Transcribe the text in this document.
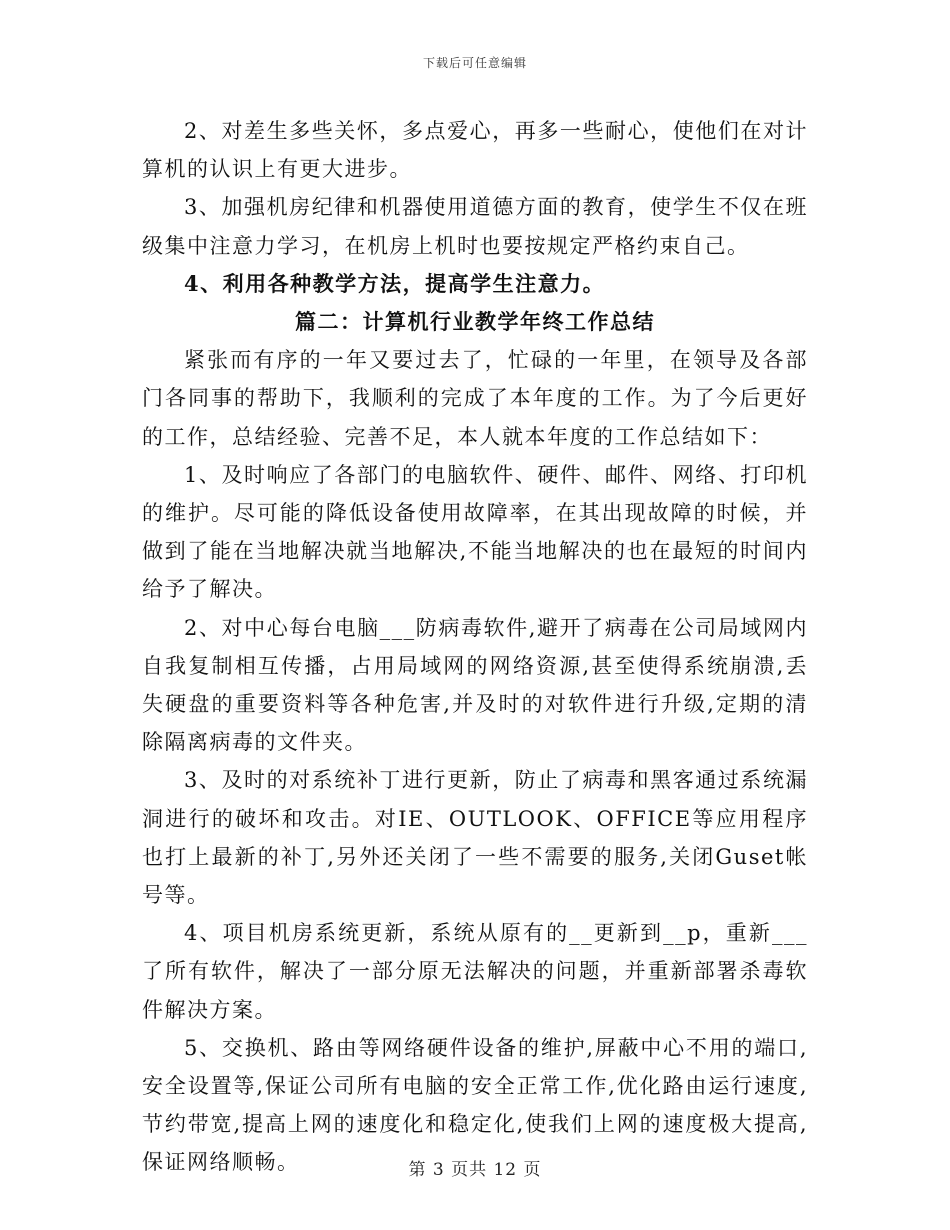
下载后可任意编辑

2、对差生多些关怀，多点爱心，再多一些耐心，使他们在对计算机的认识上有更大进步。

3、加强机房纪律和机器使用道德方面的教育，使学生不仅在班级集中注意力学习，在机房上机时也要按规定严格约束自己。

4、利用各种教学方法，提高学生注意力。

篇二：计算机行业教学年终工作总结

紧张而有序的一年又要过去了，忙碌的一年里，在领导及各部门各同事的帮助下，我顺利的完成了本年度的工作。为了今后更好的工作，总结经验、完善不足，本人就本年度的工作总结如下：

1、及时响应了各部门的电脑软件、硬件、邮件、网络、打印机的维护。尽可能的降低设备使用故障率，在其出现故障的时候，并做到了能在当地解决就当地解决,不能当地解决的也在最短的时间内给予了解决。

2、对中心每台电脑___防病毒软件,避开了病毒在公司局域网内自我复制相互传播，占用局域网的网络资源,甚至使得系统崩溃,丢失硬盘的重要资料等各种危害,并及时的对软件进行升级,定期的清除隔离病毒的文件夹。

3、及时的对系统补丁进行更新，防止了病毒和黑客通过系统漏洞进行的破坏和攻击。对IE、OUTLOOK、OFFICE等应用程序也打上最新的补丁,另外还关闭了一些不需要的服务,关闭Guset帐号等。

4、项目机房系统更新，系统从原有的__更新到__p，重新___了所有软件，解决了一部分原无法解决的问题，并重新部署杀毒软件解决方案。

5、交换机、路由等网络硬件设备的维护,屏蔽中心不用的端口,安全设置等,保证公司所有电脑的安全正常工作,优化路由运行速度,节约带宽,提高上网的速度化和稳定化,使我们上网的速度极大提高,保证网络顺畅。	第 3 页共 12 页
